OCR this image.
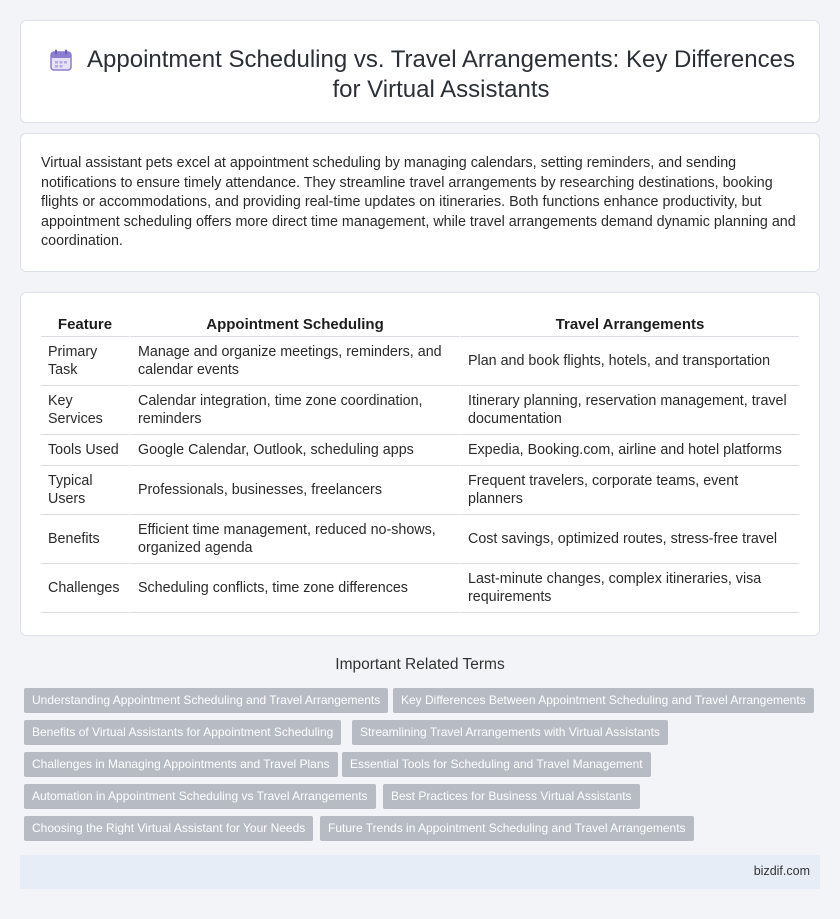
Appointment Scheduling vs. Travel Arrangements: Key Differences for Virtual Assistants

Virtual assistant pets excel at appointment scheduling by managing calendars, setting reminders, and sending notifications to ensure timely attendance. They streamline travel arrangements by researching destinations, booking flights or accommodations, and providing real-time updates on itineraries. Both functions enhance productivity, but appointment scheduling offers more direct time management, while travel arrangements demand dynamic planning and coordination.

Feature	Appointment Scheduling	Travel Arrangements
Primary Task	Manage and organize meetings, reminders, and calendar events	Plan and book flights, hotels, and transportation
Key Services	Calendar integration, time zone coordination, reminders	Itinerary planning, reservation management, travel documentation
Tools Used	Google Calendar, Outlook, scheduling apps	Expedia, Booking.com, airline and hotel platforms
Typical Users	Professionals, businesses, freelancers	Frequent travelers, corporate teams, event planners
Benefits	Efficient time management, reduced no-shows, organized agenda	Cost savings, optimized routes, stress-free travel
Challenges	Scheduling conflicts, time zone differences	Last-minute changes, complex itineraries, visa requirements
Important Related Terms
Understanding Appointment Scheduling and Travel Arrangements	Key Differences Between Appointment Scheduling and Travel Arrangements
Benefits of Virtual Assistants for Appointment Scheduling	Streamlining Travel Arrangements with Virtual Assistants
Challenges in Managing Appointments and Travel Plans	Essential Tools for Scheduling and Travel Management
Automation in Appointment Scheduling vs Travel Arrangements	Best Practices for Business Virtual Assistants
Choosing the Right Virtual Assistant for Your Needs	Future Trends in Appointment Scheduling and Travel Arrangements
bizdif.com
